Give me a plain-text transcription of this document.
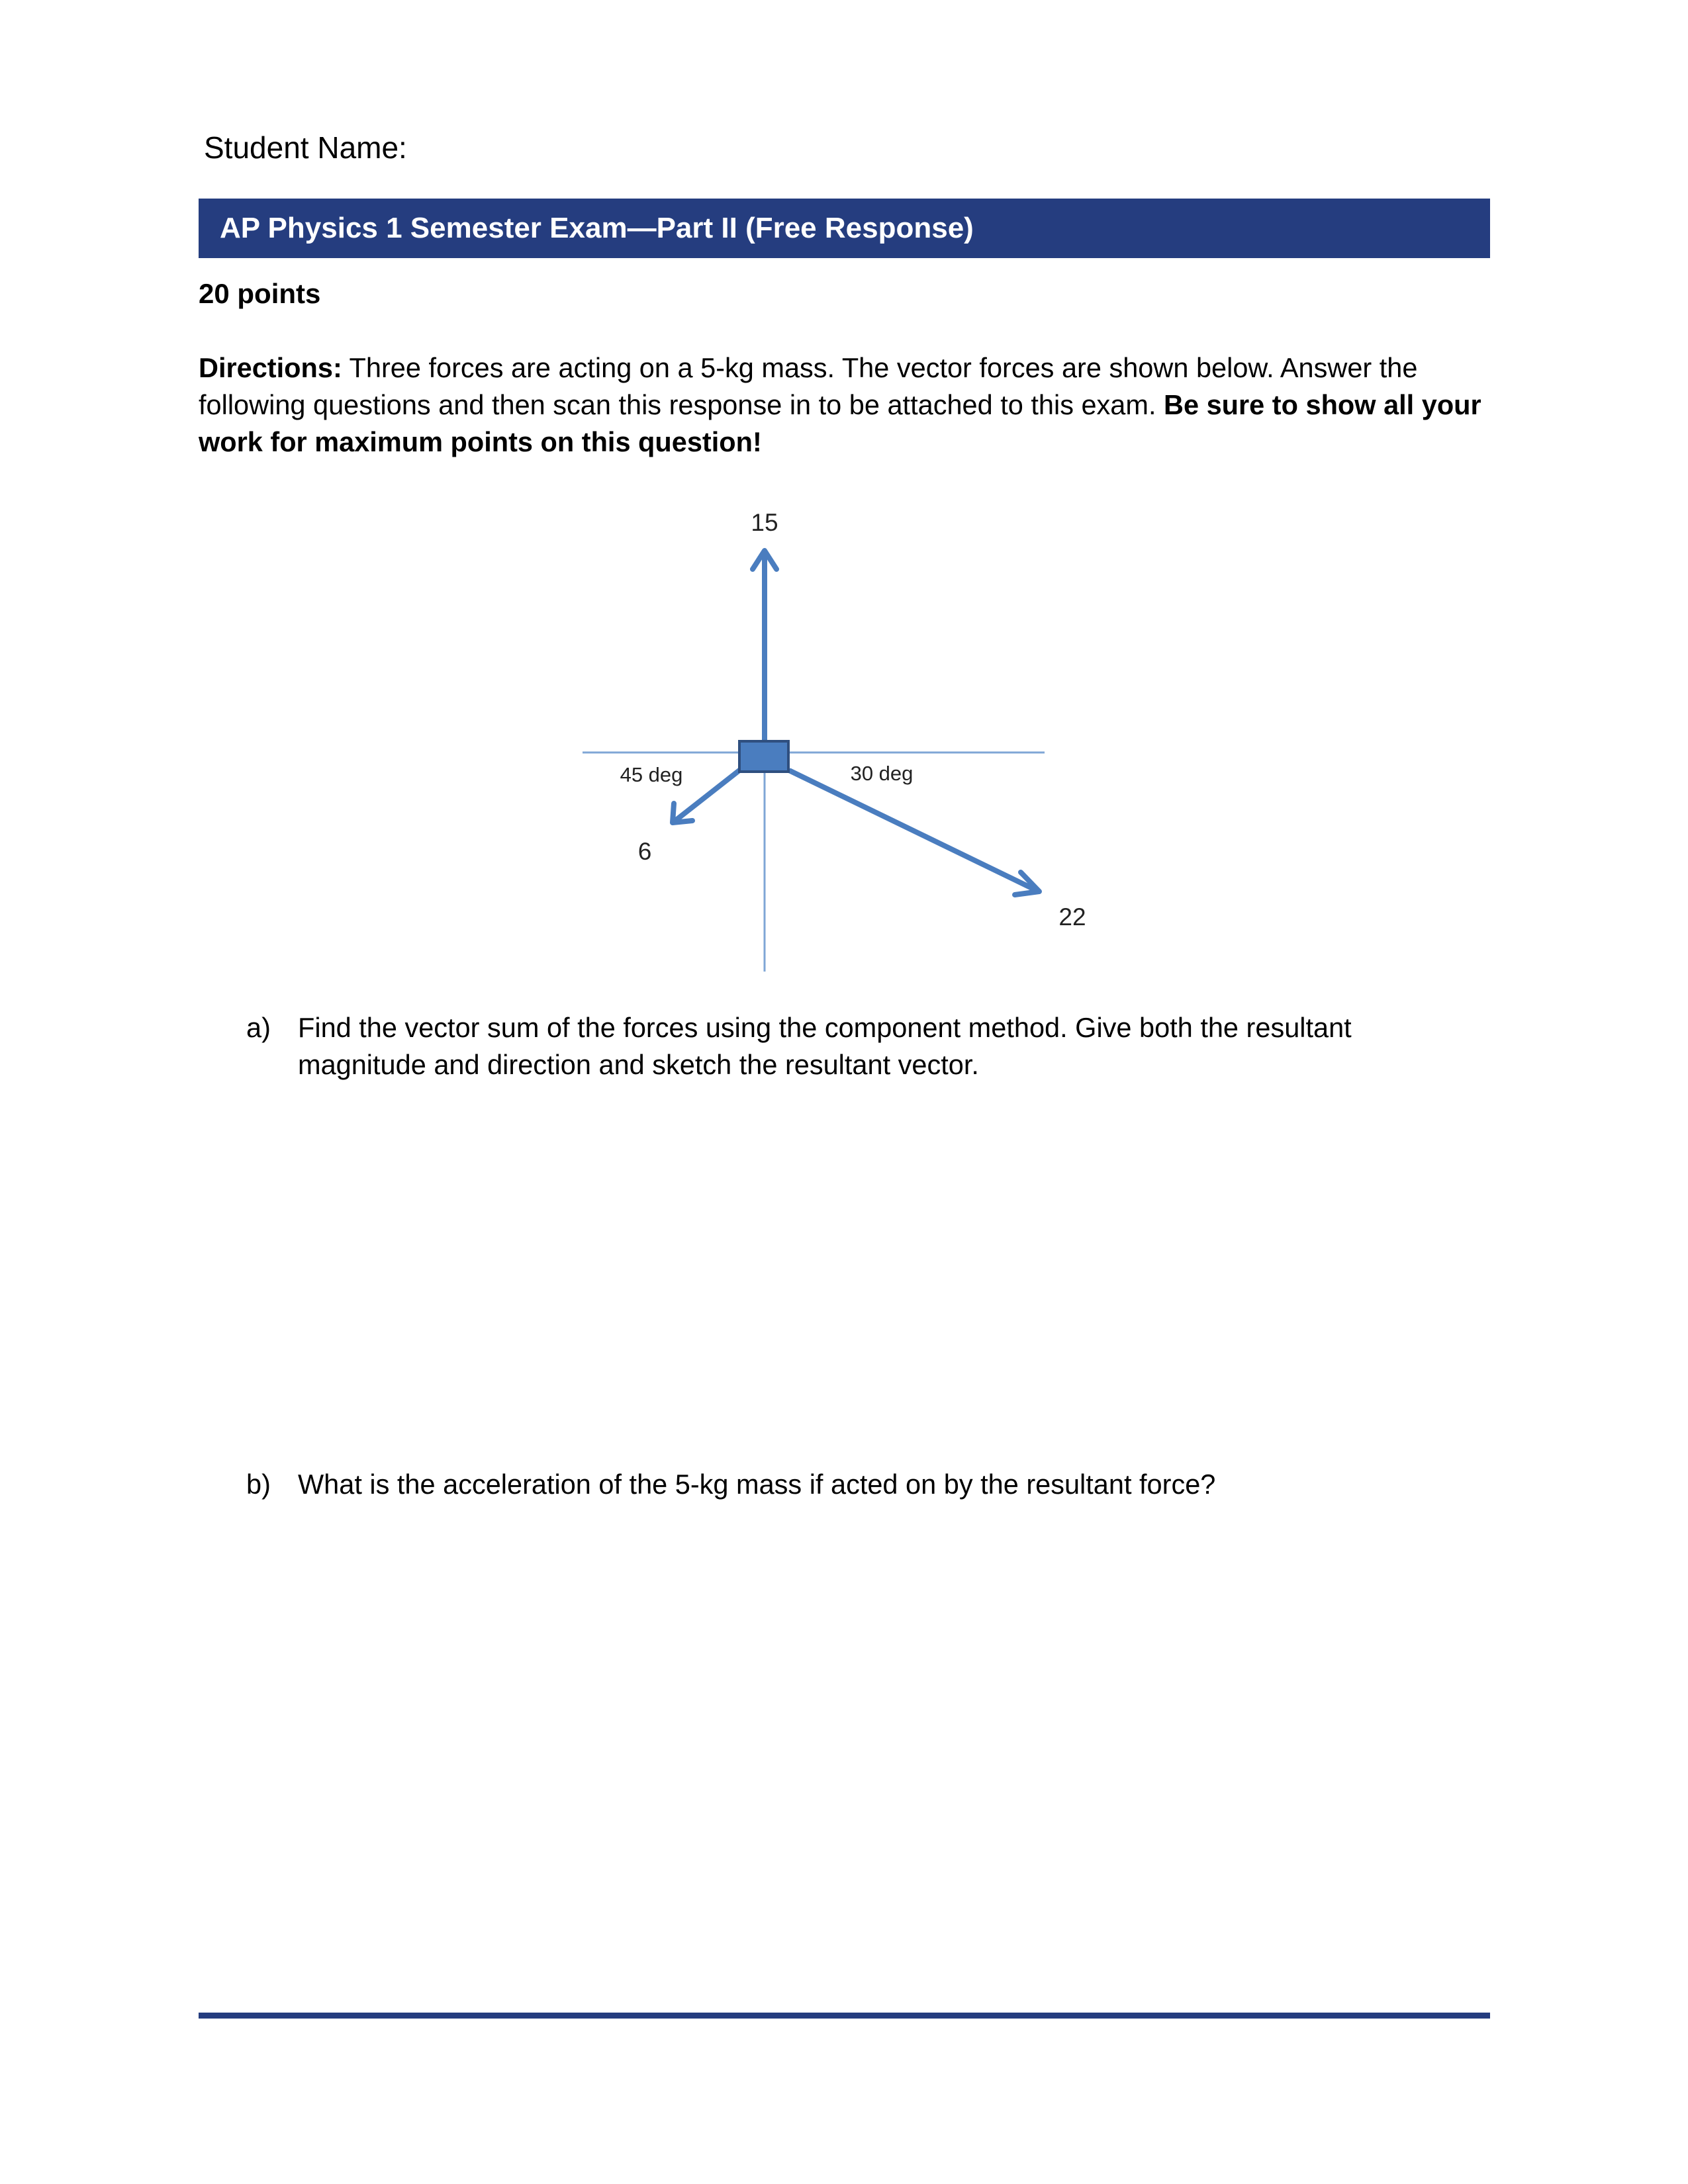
Student Name:
AP Physics 1 Semester Exam—Part II (Free Response)
20 points
Directions: Three forces are acting on a 5-kg mass. The vector forces are shown below. Answer the following questions and then scan this response in to be attached to this exam. Be sure to show all your work for maximum points on this question!
15
45 deg
6
30 deg
22
a) Find the vector sum of the forces using the component method. Give both the resultant magnitude and direction and sketch the resultant vector.
b) What is the acceleration of the 5-kg mass if acted on by the resultant force?
